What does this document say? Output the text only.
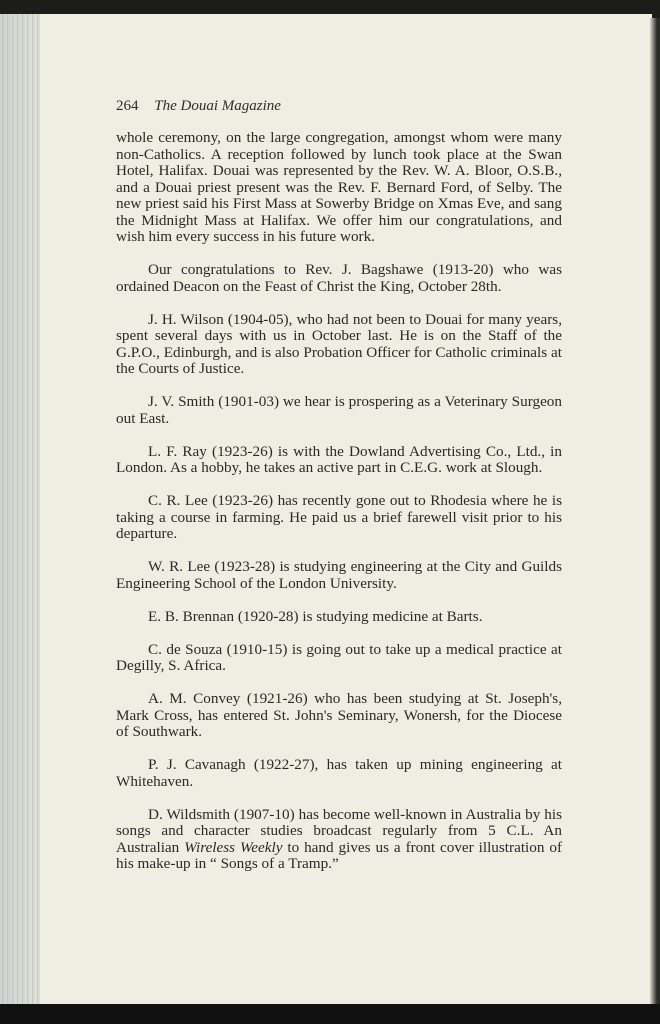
264 The Douai Magazine

whole ceremony, on the large congregation, amongst whom were many non-Catholics. A reception followed by lunch took place at the Swan Hotel, Halifax. Douai was represented by the Rev. W. A. Bloor, O.S.B., and a Douai priest present was the Rev. F. Bernard Ford, of Selby. The new priest said his First Mass at Sowerby Bridge on Xmas Eve, and sang the Midnight Mass at Halifax. We offer him our congratulations, and wish him every success in his future work.

Our congratulations to Rev. J. Bagshawe (1913-20) who was ordained Deacon on the Feast of Christ the King, October 28th.

J. H. Wilson (1904-05), who had not been to Douai for many years, spent several days with us in October last. He is on the Staff of the G.P.O., Edinburgh, and is also Probation Officer for Catholic criminals at the Courts of Justice.

J. V. Smith (1901-03) we hear is prospering as a Veterinary Surgeon out East.

L. F. Ray (1923-26) is with the Dowland Advertising Co., Ltd., in London. As a hobby, he takes an active part in C.E.G. work at Slough.

C. R. Lee (1923-26) has recently gone out to Rhodesia where he is taking a course in farming. He paid us a brief farewell visit prior to his departure.

W. R. Lee (1923-28) is studying engineering at the City and Guilds Engineering School of the London University.

E. B. Brennan (1920-28) is studying medicine at Barts.

C. de Souza (1910-15) is going out to take up a medical practice at Degilly, S. Africa.

A. M. Convey (1921-26) who has been studying at St. Joseph's, Mark Cross, has entered St. John's Seminary, Wonersh, for the Diocese of Southwark.

P. J. Cavanagh (1922-27), has taken up mining engineering at Whitehaven.

D. Wildsmith (1907-10) has become well-known in Australia by his songs and character studies broadcast regularly from 5 C.L. An Australian Wireless Weekly to hand gives us a front cover illustration of his make-up in “ Songs of a Tramp.”
